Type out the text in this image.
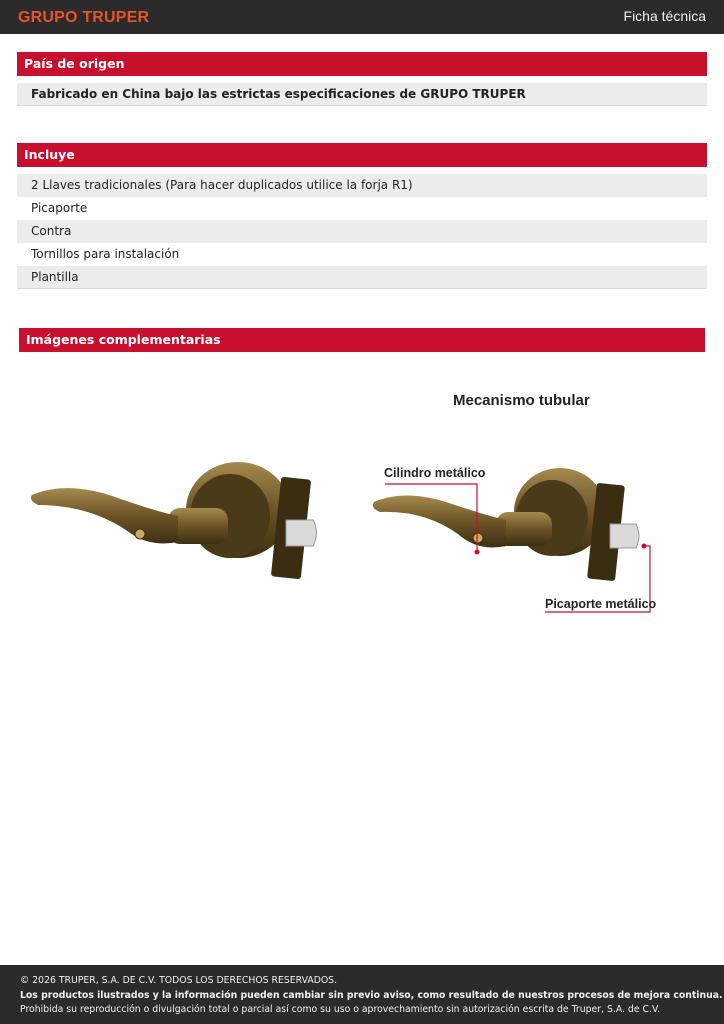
GRUPO TRUPER	Ficha técnica
País de origen
Fabricado en China bajo las estrictas especificaciones de GRUPO TRUPER
Incluye
2 Llaves tradicionales (Para hacer duplicados utilice la forja R1)
Picaporte
Contra
Tornillos para instalación
Plantilla
Imágenes complementarias
Mecanismo tubular
Cilindro metálico
Picaporte metálico
© 2026 TRUPER, S.A. DE C.V. TODOS LOS DERECHOS RESERVADOS.
Los productos ilustrados y la información pueden cambiar sin previo aviso, como resultado de nuestros procesos de mejora continua.
Prohibida su reproducción o divulgación total o parcial así como su uso o aprovechamiento sin autorización escrita de Truper, S.A. de C.V.
